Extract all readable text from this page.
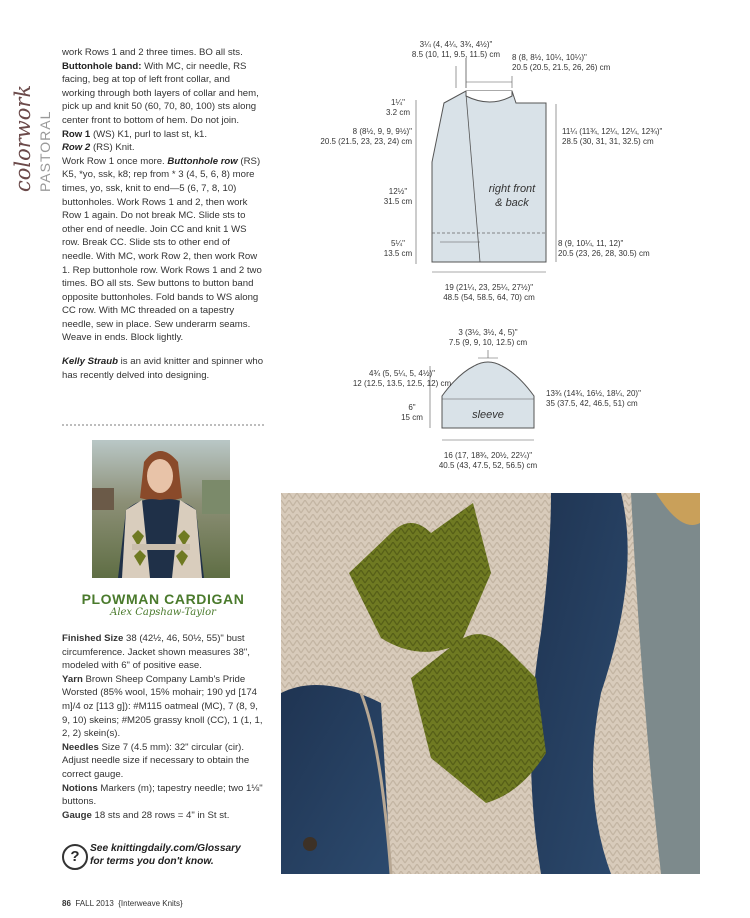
colorwork PASTORAL

work Rows 1 and 2 three times. BO all sts.

Buttonhole band: With MC, cir needle, RS facing, beg at top of left front collar, and working through both layers of collar and hem, pick up and knit 50 (60, 70, 80, 100) sts along center front to bottom of hem. Do not join.

Row 1 (WS) K1, purl to last st, k1.

Row 2 (RS) Knit.

Work Row 1 once more. Buttonhole row (RS) K5, *yo, ssk, k8; rep from * 3 (4, 5, 6, 8) more times, yo, ssk, knit to end—5 (6, 7, 8, 10) buttonholes. Work Rows 1 and 2, then work Row 1 again. Do not break MC. Slide sts to other end of needle. Join CC and knit 1 WS row. Break CC. Slide sts to other end of needle. With MC, work Row 2, then work Row 1. Rep buttonhole row. Work Rows 1 and 2 two times. BO all sts. Sew buttons to button band opposite buttonholes. Fold bands to WS along CC row. With MC threaded on a tapestry needle, sew in place. Sew underarm seams. Weave in ends. Block lightly.

Kelly Straub is an avid knitter and spinner who has recently delved into designing.

PLOWMAN CARDIGAN
Alex Capshaw-Taylor

Finished Size 38 (42½, 46, 50½, 55)" bust circumference. Jacket shown measures 38", modeled with 6" of positive ease.

Yarn Brown Sheep Company Lamb's Pride Worsted (85% wool, 15% mohair; 190 yd [174 m]/4 oz [113 g]): #M115 oatmeal (MC), 7 (8, 9, 9, 10) skeins; #M205 grassy knoll (CC), 1 (1, 1, 2, 2) skein(s).

Needles Size 7 (4.5 mm): 32" circular (cir). Adjust needle size if necessary to obtain the correct gauge.

Notions Markers (m); tapestry needle; two 1⅛" buttons.

Gauge 18 sts and 28 rows = 4" in St st.

?	See knittingdaily.com/Glossary
for terms you don't know.
3¼ (4, 4¼, 3¾, 4½)"
8.5 (10, 11, 9.5, 11.5) cm 8 (8, 8½, 10¼, 10¼)"
20.5 (20.5, 21.5, 26, 26) cm
1¼"
3.2 cm
8 (8½, 9, 9, 9½)"
20.5 (21.5, 23, 23, 24) cm
11¼ (11¾, 12¼, 12¼, 12¾)"
28.5 (30, 31, 31, 32.5) cm
12½"
31.5 cm
right front
& back
5¼"
13.5 cm
8 (9, 10¼, 11, 12)"
20.5 (23, 26, 28, 30.5) cm
19 (21¼, 23, 25¼, 27½)"
48.5 (54, 58.5, 64, 70) cm
3 (3½, 3½, 4, 5)"
7.5 (9, 9, 10, 12.5) cm
4¾ (5, 5¼, 5, 4½)"
12 (12.5, 13.5, 12.5, 12) cm
13¾ (14¾, 16½, 18¼, 20)"
35 (37.5, 42, 46.5, 51) cm
6"
15 cm	sleeve
16 (17, 18¾, 20½, 22¼)"
40.5 (43, 47.5, 52, 56.5) cm
86 FALL 2013  {Interweave Knits}
